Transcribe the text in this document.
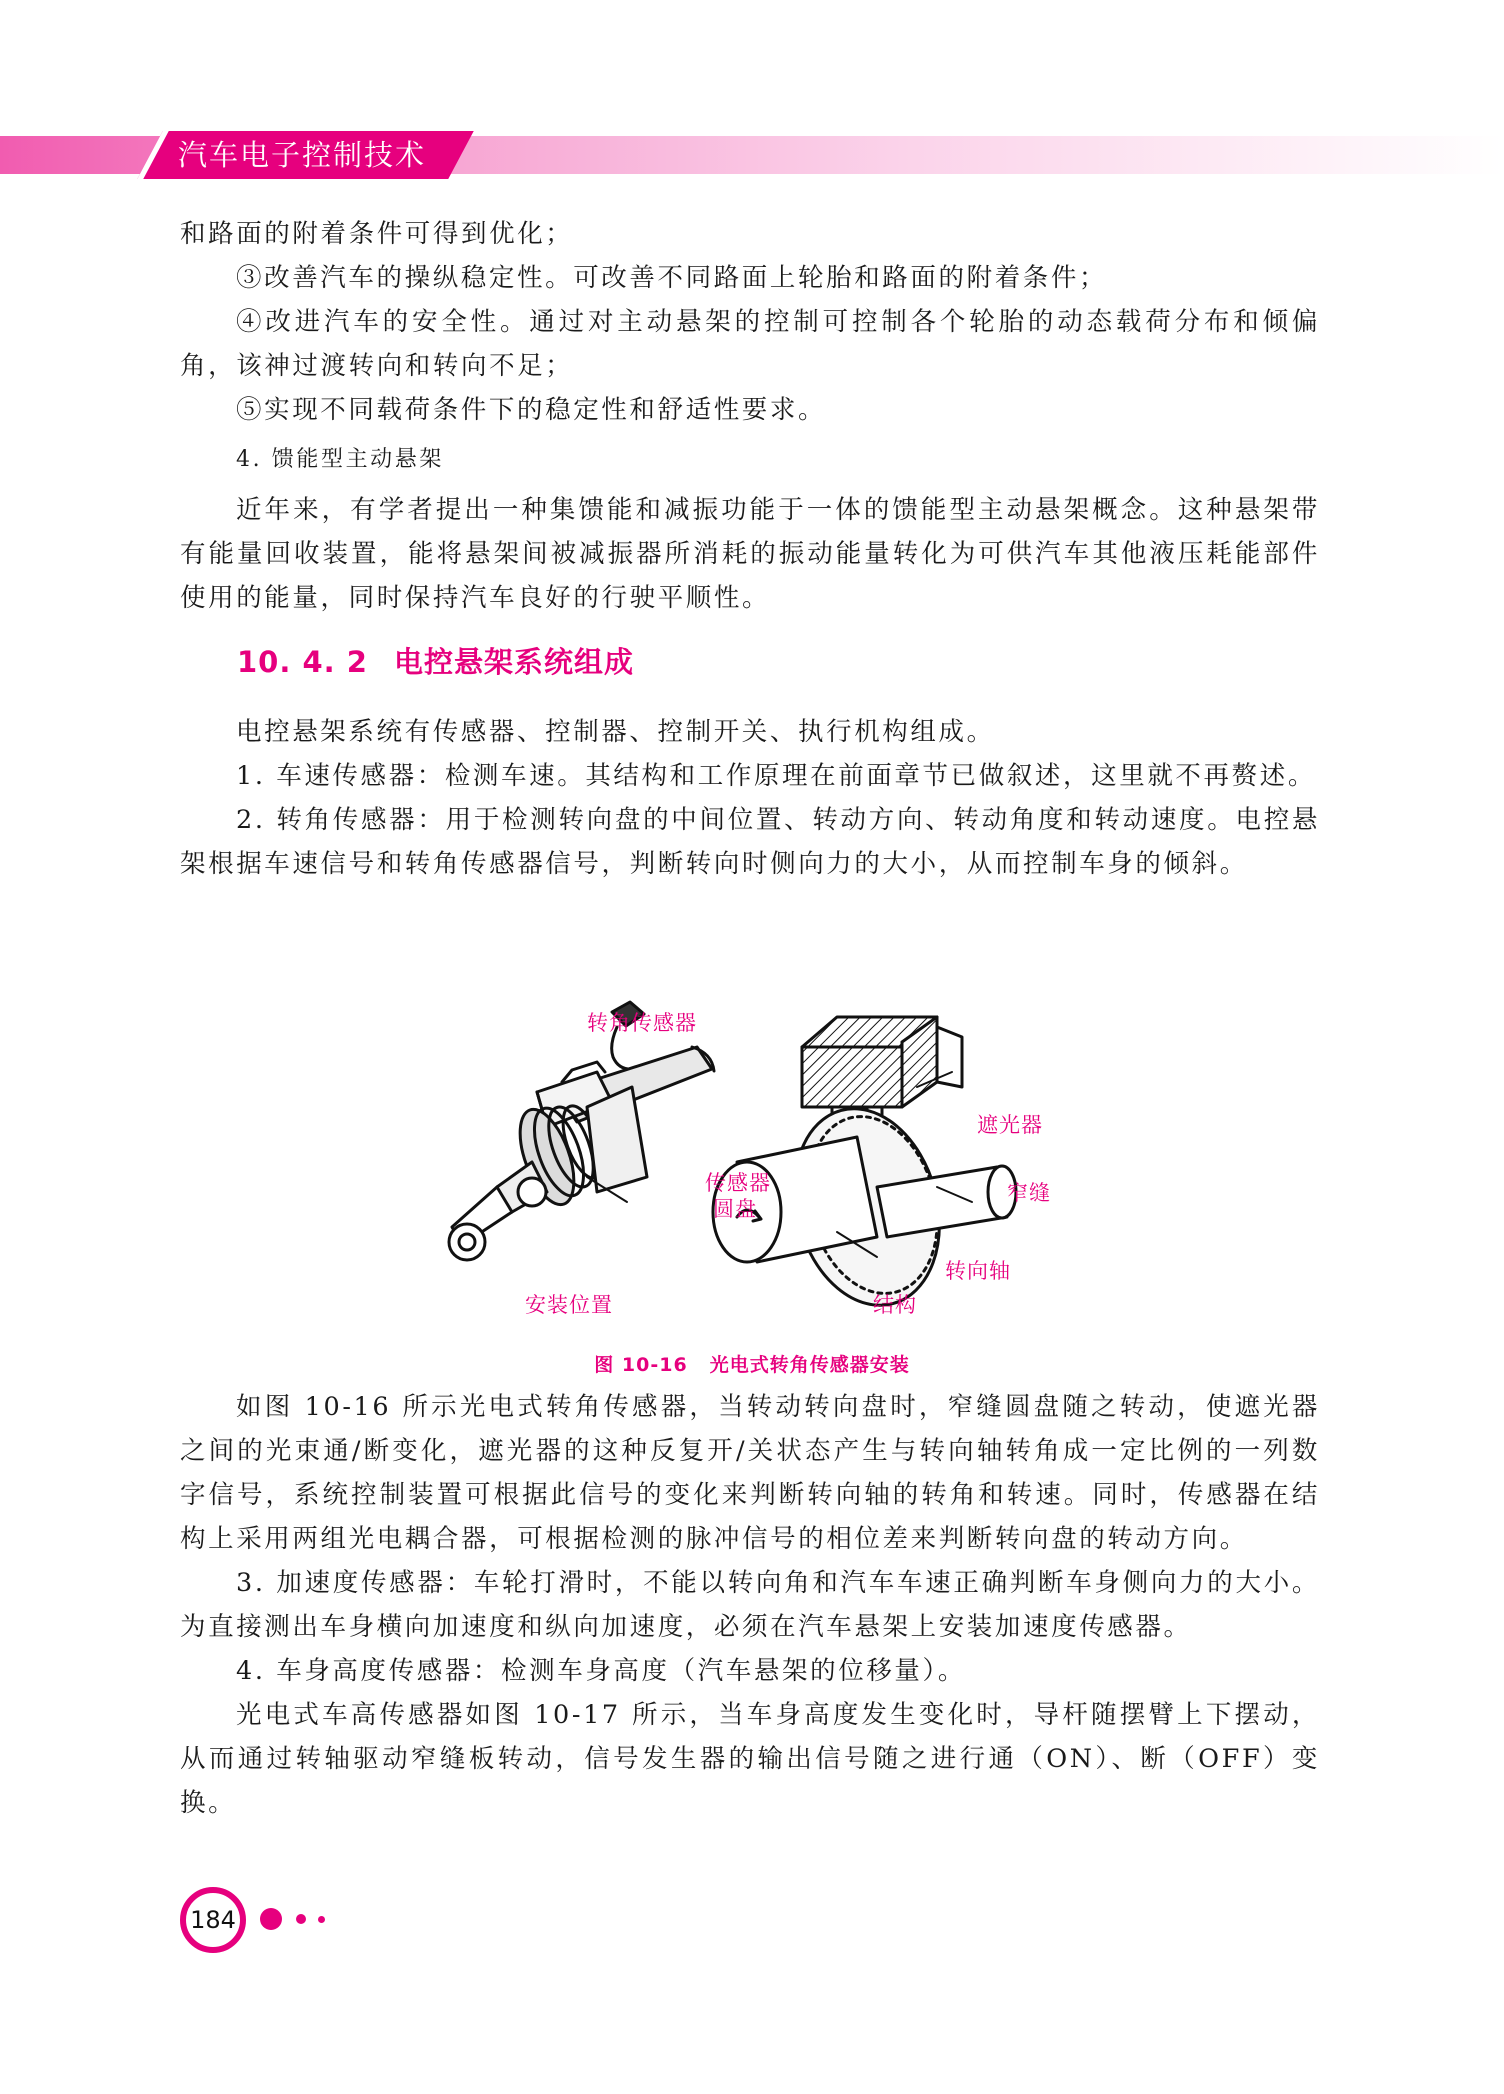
汽车电子控制技术

和路面的附着条件可得到优化；

③改善汽车的操纵稳定性。可改善不同路面上轮胎和路面的附着条件；

④改进汽车的安全性。通过对主动悬架的控制可控制各个轮胎的动态载荷分布和倾偏角，该神过渡转向和转向不足；

⑤实现不同载荷条件下的稳定性和舒适性要求。

4. 馈能型主动悬架

近年来，有学者提出一种集馈能和减振功能于一体的馈能型主动悬架概念。这种悬架带有能量回收装置，能将悬架间被减振器所消耗的振动能量转化为可供汽车其他液压耗能部件使用的能量，同时保持汽车良好的行驶平顺性。

10. 4. 2 电控悬架系统组成

电控悬架系统有传感器、控制器、控制开关、执行机构组成。

1. 车速传感器：检测车速。其结构和工作原理在前面章节已做叙述，这里就不再赘述。

2. 转角传感器：用于检测转向盘的中间位置、转动方向、转动角度和转动速度。电控悬架根据车速信号和转角传感器信号，判断转向时侧向力的大小，从而控制车身的倾斜。

转角传感器
遮光器
传感器
圆盘
窄缝
转向轴
安装位置	结构
图 10-16 光电式转角传感器安装

如图 10-16 所示光电式转角传感器，当转动转向盘时，窄缝圆盘随之转动，使遮光器之间的光束通/断变化，遮光器的这种反复开/关状态产生与转向轴转角成一定比例的一列数字信号，系统控制装置可根据此信号的变化来判断转向轴的转角和转速。同时，传感器在结构上采用两组光电耦合器，可根据检测的脉冲信号的相位差来判断转向盘的转动方向。

3. 加速度传感器：车轮打滑时，不能以转向角和汽车车速正确判断车身侧向力的大小。为直接测出车身横向加速度和纵向加速度，必须在汽车悬架上安装加速度传感器。

4. 车身高度传感器：检测车身高度（汽车悬架的位移量）。

光电式车高传感器如图 10-17 所示，当车身高度发生变化时，导杆随摆臂上下摆动，从而通过转轴驱动窄缝板转动，信号发生器的输出信号随之进行通（ON）、断（OFF）变换。

184
